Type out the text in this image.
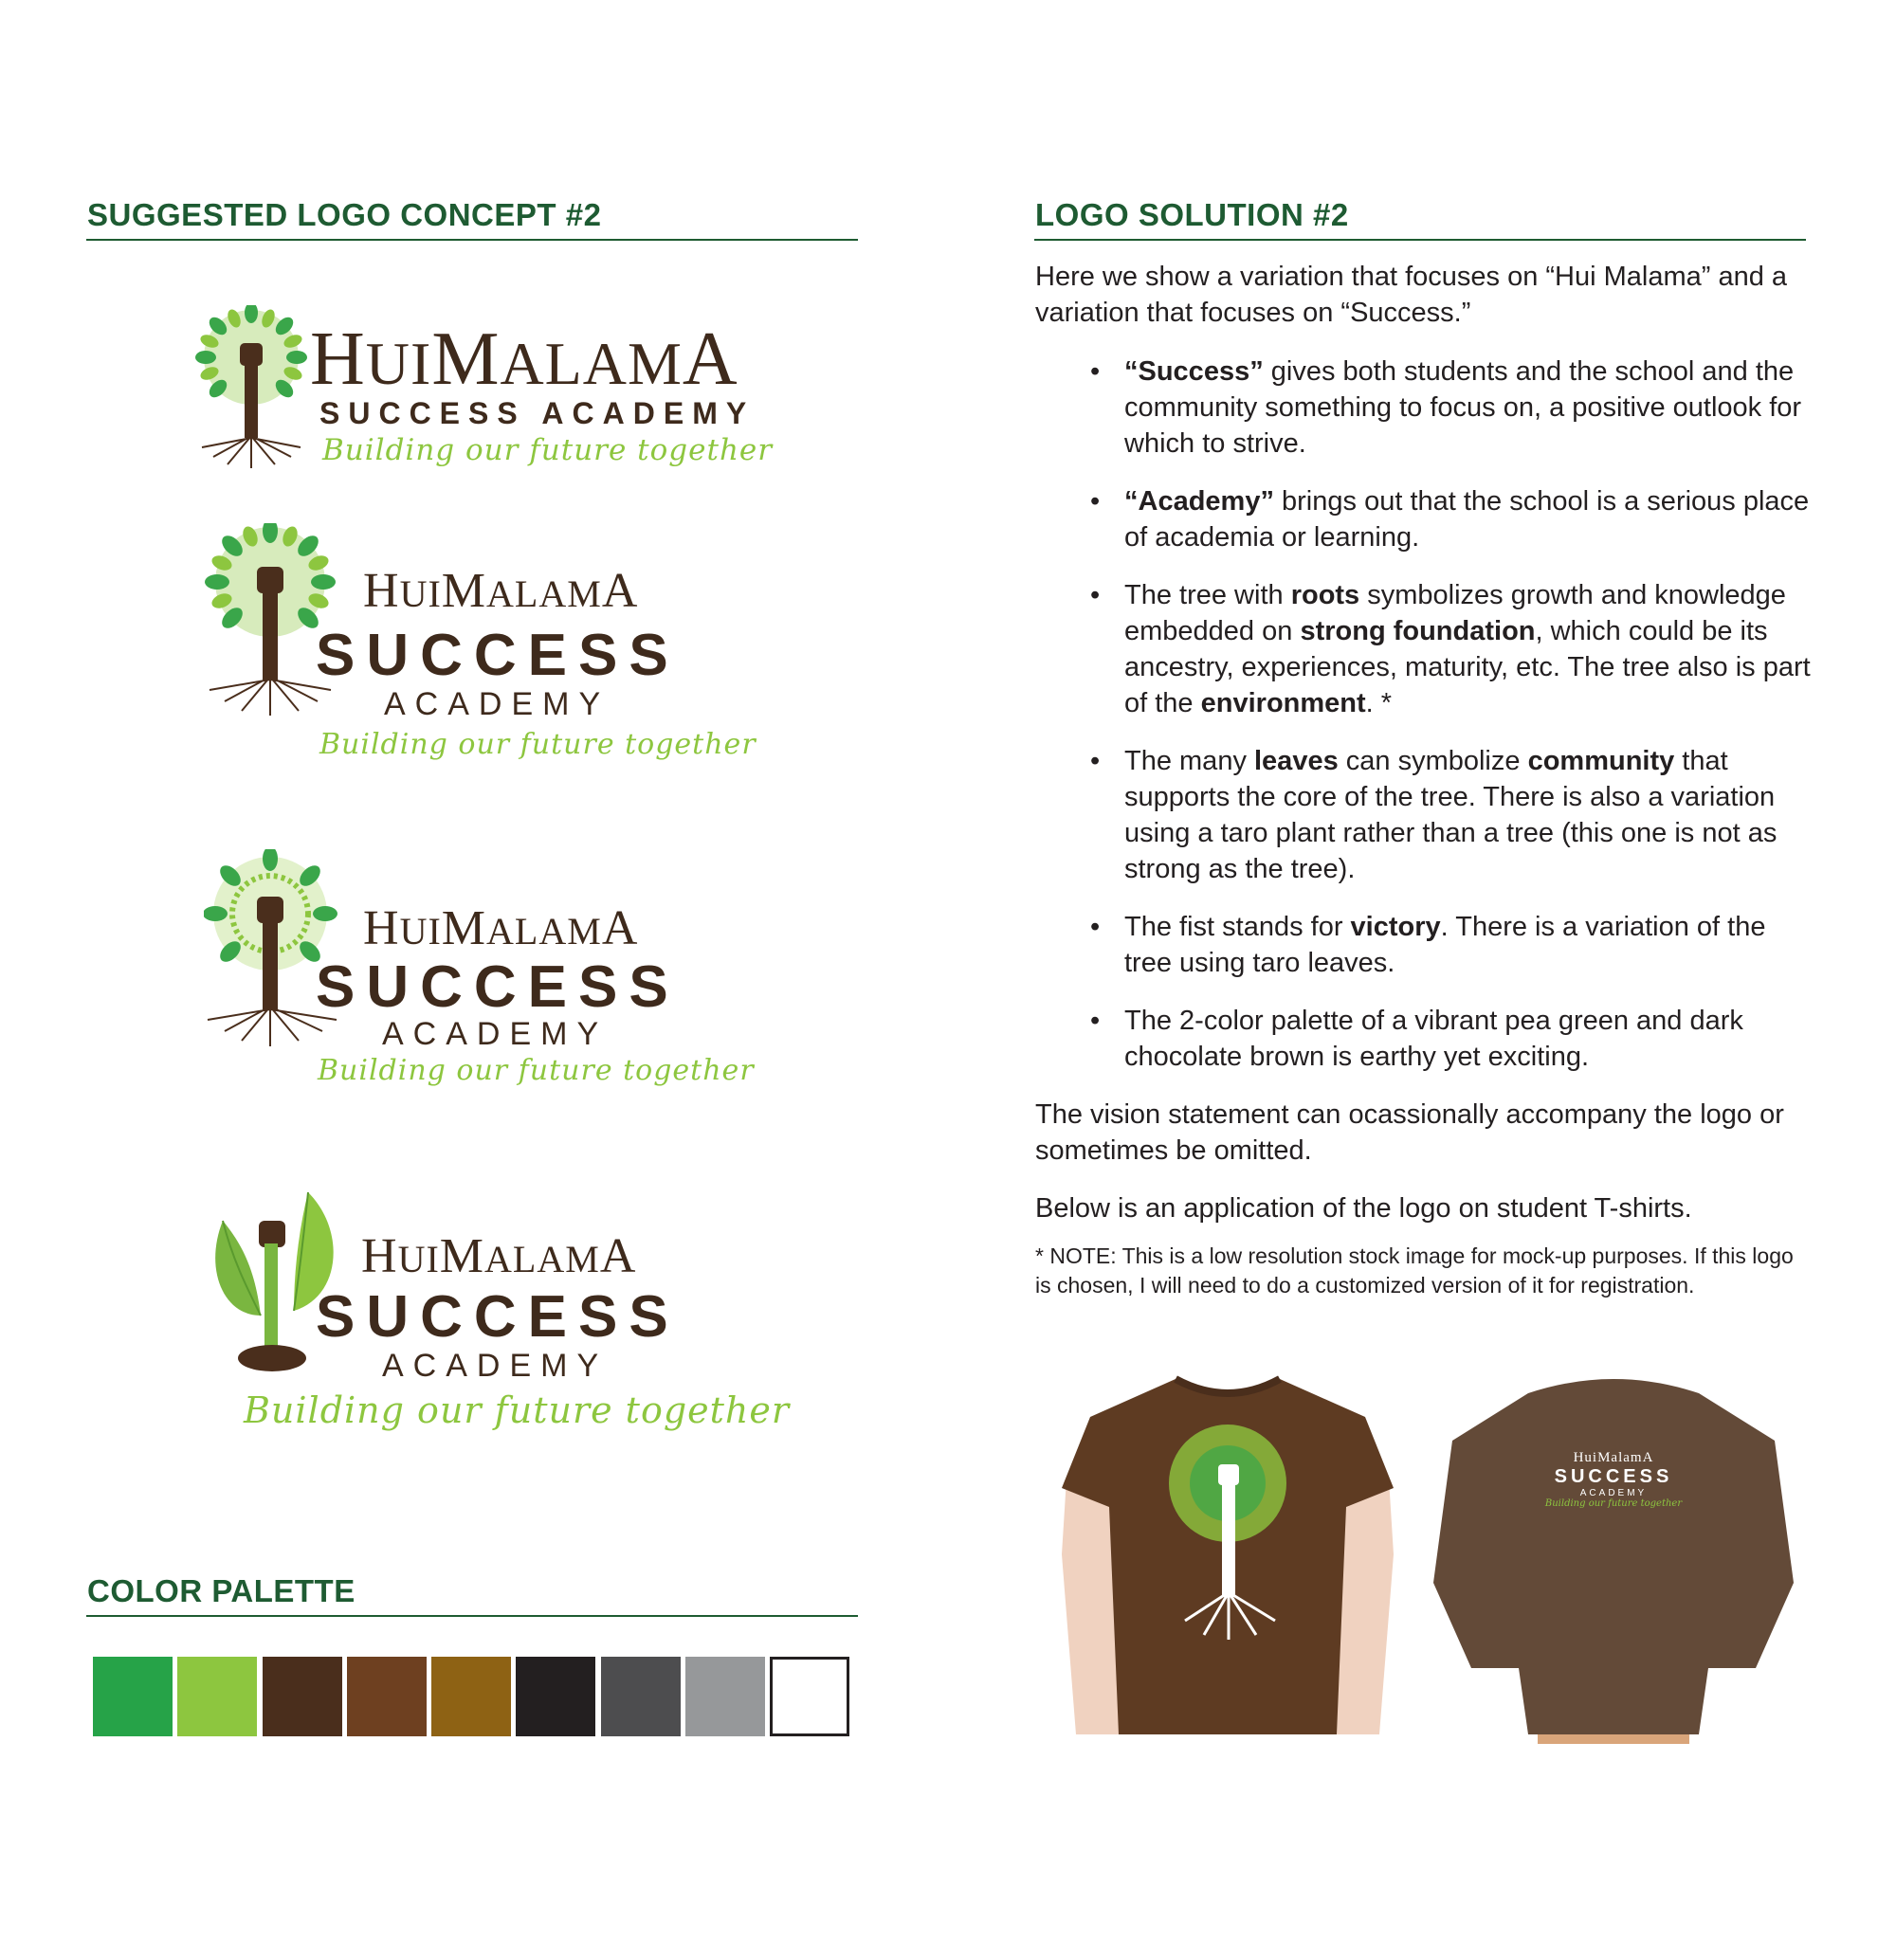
SUGGESTED LOGO CONCEPT #2
HUIMALAMA
SUCCESS ACADEMY
Building our future together
HUIMALAMA
SUCCESS
ACADEMY
Building our future together
HUIMALAMA
SUCCESS
ACADEMY
Building our future together
HUIMALAMA
SUCCESS
ACADEMY
Building our future together
COLOR PALETTE
LOGO SOLUTION #2

Here we show a variation that focuses on “Hui Malama” and a variation that focuses on “Success.”

• “Success” gives both students and the school and the community something to focus on, a positive outlook for which to strive.
• “Academy” brings out that the school is a serious place of academia or learning.
• The tree with roots symbolizes growth and knowledge embedded on strong foundation, which could be its ancestry, experiences, maturity, etc. The tree also is part of the environment. *
• The many leaves can symbolize community that supports the core of the tree. There is also a variation using a taro plant rather than a tree (this one is not as strong as the tree).
• The fist stands for victory. There is a variation of the tree using taro leaves.
• The 2-color palette of a vibrant pea green and dark chocolate brown is earthy yet exciting.

The vision statement can ocassionally accompany the logo or sometimes be omitted.

Below is an application of the logo on student T-shirts.

* NOTE: This is a low resolution stock image for mock-up purposes. If this logo is chosen, I will need to do a customized version of it for registration.

HuiMalamA
SUCCESS
ACADEMY
Building our future together
